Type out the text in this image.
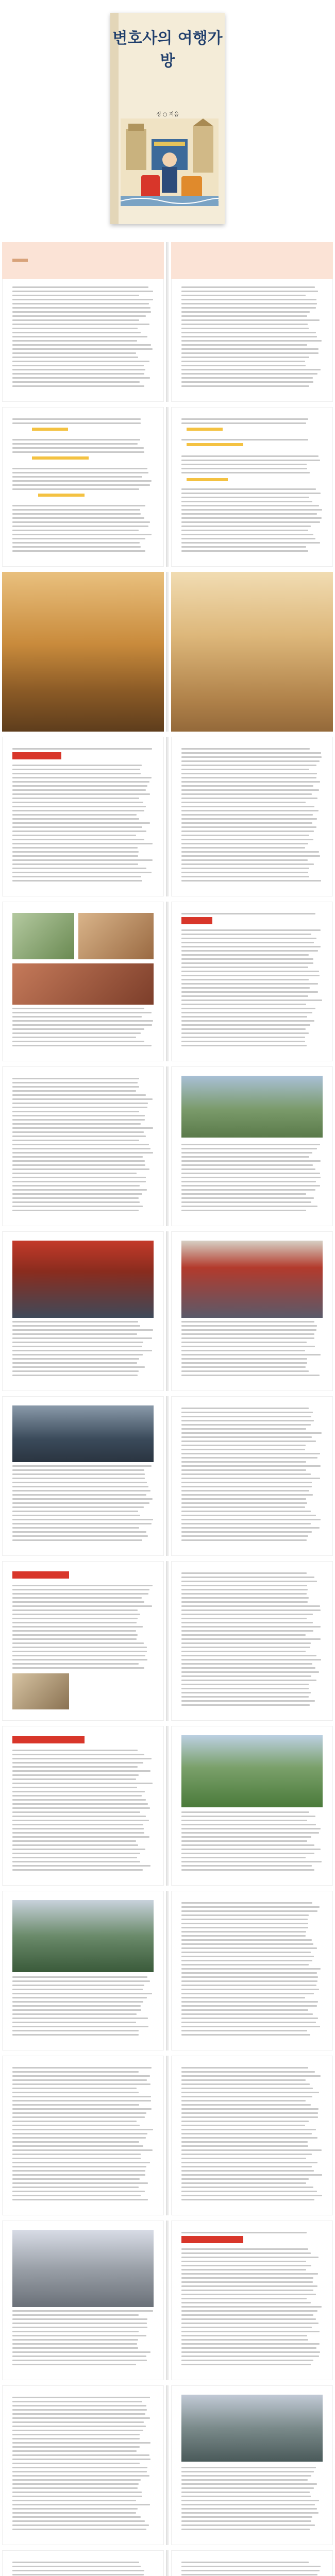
변호사의 여행가방
정 ○ 지음
